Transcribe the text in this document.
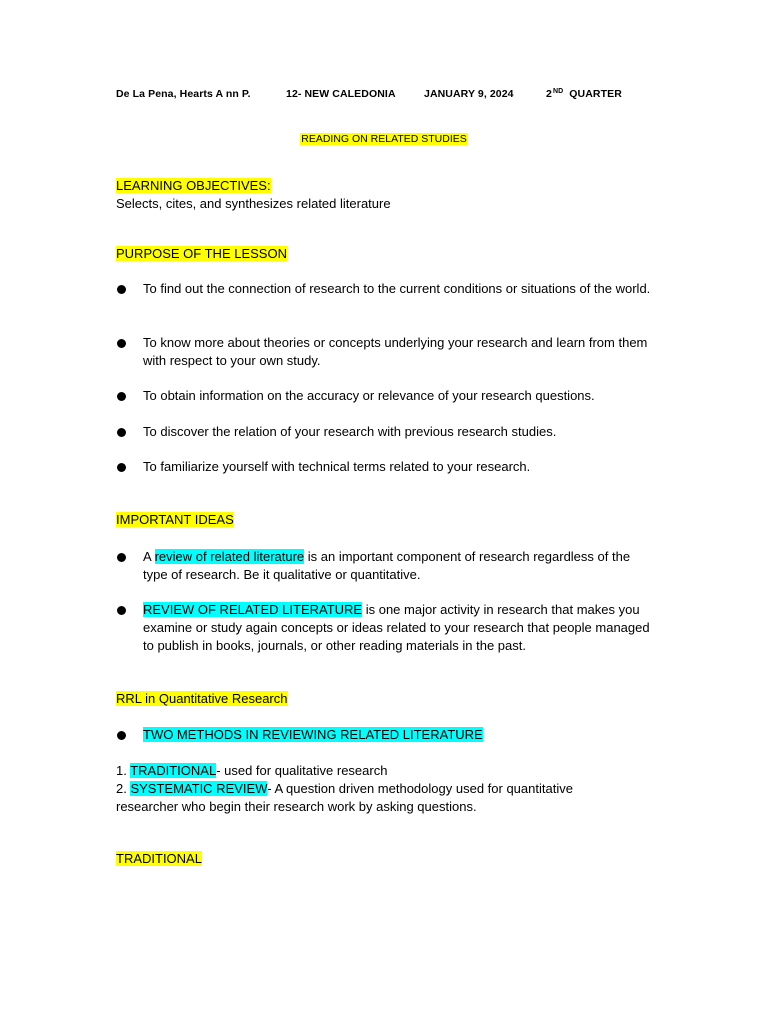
De La Pena, Hearts A nn P.	12- NEW CALEDONIA	JANUARY 9, 2024	2ND QUARTER
READING ON RELATED STUDIES
LEARNING OBJECTIVES:
Selects, cites, and synthesizes related literature
PURPOSE OF THE LESSON
To find out the connection of research to the current conditions or situations of the world.
To know more about theories or concepts underlying your research and learn from them with respect to your own study.
To obtain information on the accuracy or relevance of your research questions.
To discover the relation of your research with previous research studies.
To familiarize yourself with technical terms related to your research.
IMPORTANT IDEAS
A review of related literature is an important component of research regardless of the type of research. Be it qualitative or quantitative.
REVIEW OF RELATED LITERATURE is one major activity in research that makes you examine or study again concepts or ideas related to your research that people managed to publish in books, journals, or other reading materials in the past.
RRL in Quantitative Research
TWO METHODS IN REVIEWING RELATED LITERATURE
1. TRADITIONAL- used for qualitative research
2. SYSTEMATIC REVIEW- A question driven methodology used for quantitative researcher who begin their research work by asking questions.
TRADITIONAL
